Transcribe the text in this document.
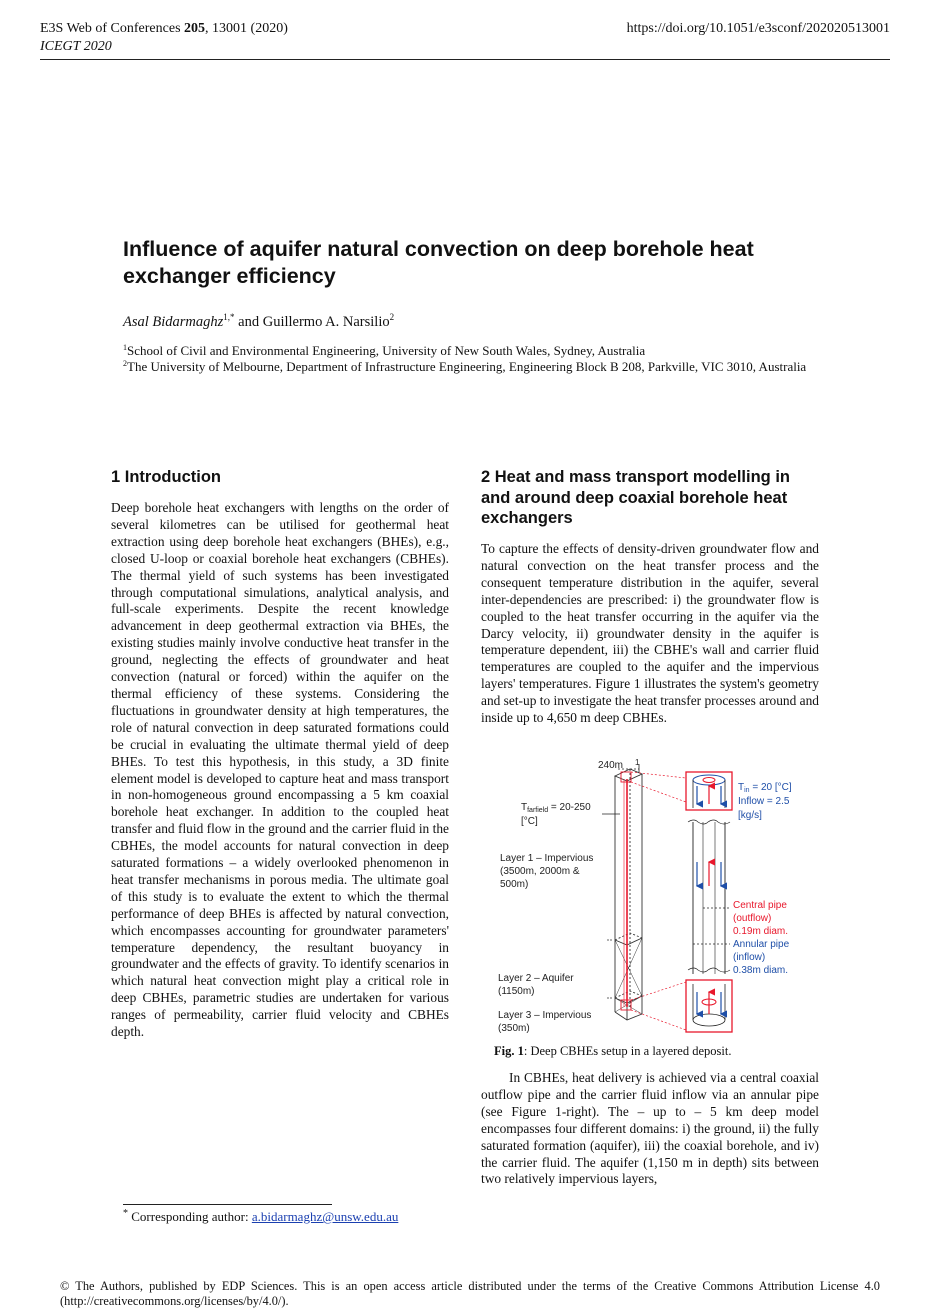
E3S Web of Conferences 205, 13001 (2020)
ICEGT 2020
https://doi.org/10.1051/e3sconf/202020513001
Influence of aquifer natural convection on deep borehole heat exchanger efficiency
Asal Bidarmaghz$^{1,*}$ and Guillermo A. Narsilio$^2$
$^1$School of Civil and Environmental Engineering, University of New South Wales, Sydney, Australia
$^2$The University of Melbourne, Department of Infrastructure Engineering, Engineering Block B 208, Parkville, VIC 3010, Australia
1 Introduction
Deep borehole heat exchangers with lengths on the order of several kilometres can be utilised for geothermal heat extraction using deep borehole heat exchangers (BHEs), e.g., closed U-loop or coaxial borehole heat exchangers (CBHEs). The thermal yield of such systems has been investigated through computational simulations, analytical analysis, and full-scale experiments. Despite the recent knowledge advancement in deep geothermal extraction via BHEs, the existing studies mainly involve conductive heat transfer in the ground, neglecting the effects of groundwater and heat convection (natural or forced) within the aquifer on the thermal efficiency of these systems. Considering the fluctuations in groundwater density at high temperatures, the role of natural convection in deep saturated formations could be crucial in evaluating the ultimate thermal yield of deep BHEs. To test this hypothesis, in this study, a 3D finite element model is developed to capture heat and mass transport in non-homogeneous ground encompassing a 5 km coaxial borehole heat exchanger. In addition to the coupled heat transfer and fluid flow in the ground and the carrier fluid in the CBHEs, the model accounts for natural convection in deep saturated formations – a widely overlooked phenomenon in heat transfer mechanisms in porous media. The ultimate goal of this study is to evaluate the extent to which the thermal performance of deep BHEs is affected by natural convection, which encompasses accounting for groundwater parameters' temperature dependency, the resultant buoyancy in groundwater and the effects of gravity. To identify scenarios in which natural heat convection might play a critical role in deep CBHEs, parametric studies are undertaken for various ranges of permeability, carrier fluid velocity and CBHEs depth.
2 Heat and mass transport modelling in and around deep coaxial borehole heat exchangers
To capture the effects of density-driven groundwater flow and natural convection on the heat transfer process and the consequent temperature distribution in the aquifer, several inter-dependencies are prescribed: i) the groundwater flow is coupled to the heat transfer occurring in the aquifer via the Darcy velocity, ii) groundwater density in the aquifer is temperature dependent, iii) the CBHE's wall and carrier fluid temperatures are coupled to the aquifer and the impervious layers' temperatures. Figure 1 illustrates the system's geometry and set-up to investigate the heat transfer processes around and inside up to 4,650 m deep CBHEs.
240m 1
$T_{farfield} = 20-250$
[°C]
Layer 1 – Impervious
(3500m, 2000m &
500m)
Layer 2 – Aquifer
(1150m)
Layer 3 – Impervious
(350m)
$T_{in} = 20$ [°C]
Inflow = 2.5
[kg/s]
Central pipe
(outflow)
0.19m diam.
Annular pipe
(inflow)
0.38m diam.
Fig. 1: Deep CBHEs setup in a layered deposit.
In CBHEs, heat delivery is achieved via a central coaxial outflow pipe and the carrier fluid inflow via an annular pipe (see Figure 1-right). The – up to – 5 km deep model encompasses four different domains: i) the ground, ii) the fully saturated formation (aquifer), iii) the coaxial borehole, and iv) the carrier fluid. The aquifer (1,150 m in depth) sits between two relatively impervious layers,
* Corresponding author: a.bidarmaghz@unsw.edu.au
© The Authors, published by EDP Sciences. This is an open access article distributed under the terms of the Creative Commons Attribution License 4.0 (http://creativecommons.org/licenses/by/4.0/).
